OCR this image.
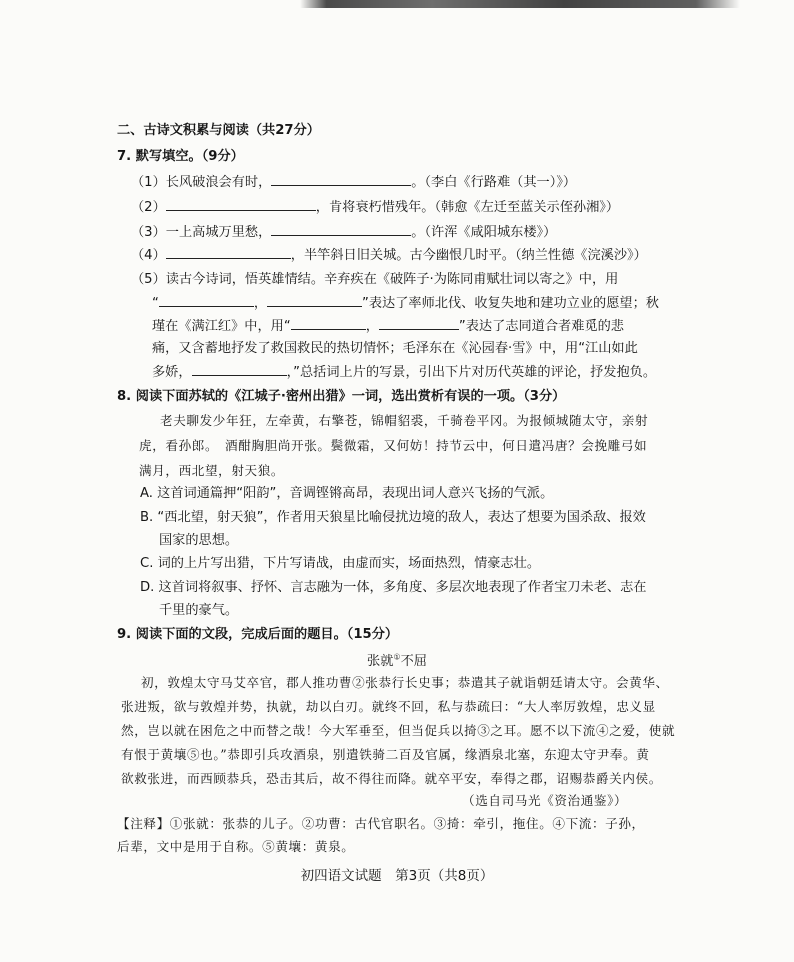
二、古诗文积累与阅读（共27分）
7. 默写填空。（9分）
（1）长风破浪会有时，	。（李白《行路难（其一）》）
（2）	，肯将衰朽惜残年。（韩愈《左迁至蓝关示侄孙湘》）
（3）一上高城万里愁，	。（许浑《咸阳城东楼》）
（4）	，半竿斜日旧关城。古今幽恨几时平。（纳兰性德《浣溪沙》）
（5）读古今诗词，悟英雄情结。辛弃疾在《破阵子·为陈同甫赋壮词以寄之》中，用
“	，	”表达了率师北伐、收复失地和建功立业的愿望；秋
瑾在《满江红》中，用“	，	”表达了志同道合者难觅的悲
痛，又含蓄地抒发了救国救民的热切情怀；毛泽东在《沁园春·雪》中，用“江山如此
多娇，	，”总括词上片的写景，引出下片对历代英雄的评论，抒发抱负。
8. 阅读下面苏轼的《江城子·密州出猎》一词，选出赏析有误的一项。（3分）
老夫聊发少年狂，左牵黄，右擎苍，锦帽貂裘，千骑卷平冈。为报倾城随太守，亲射
虎，看孙郎。　酒酣胸胆尚开张。鬓微霜，又何妨！持节云中，何日遣冯唐？会挽雕弓如
满月，西北望，射天狼。
A. 这首词通篇押“阳韵”，音调铿锵高昂，表现出词人意兴飞扬的气派。
B. “西北望，射天狼”，作者用天狼星比喻侵扰边境的敌人，表达了想要为国杀敌、报效
国家的思想。
C. 词的上片写出猎，下片写请战，由虚而实，场面热烈，情豪志壮。
D. 这首词将叙事、抒怀、言志融为一体，多角度、多层次地表现了作者宝刀未老、志在
千里的豪气。
9. 阅读下面的文段，完成后面的题目。（15分）
张就①不屈
初，敦煌太守马艾卒官，郡人推功曹②张恭行长史事；恭遣其子就诣朝廷请太守。会黄华、
张进叛，欲与敦煌并势，执就，劫以白刃。就终不回，私与恭疏曰：“大人率厉敦煌，忠义显
然，岂以就在困危之中而替之哉！今大军垂至，但当促兵以掎③之耳。愿不以下流④之爱，使就
有恨于黄壤⑤也。”恭即引兵攻酒泉，别遣铁骑二百及官属，缘酒泉北塞，东迎太守尹奉。黄
欲救张进，而西顾恭兵，恐击其后，故不得往而降。就卒平安，奉得之郡，诏赐恭爵关内侯。
（选自司马光《资治通鉴》）
【注释】①张就：张恭的儿子。②功曹：古代官职名。③掎：牵引，拖住。④下流：子孙，
后辈，文中是用于自称。⑤黄壤：黄泉。
初四语文试题　第3页（共8页）
